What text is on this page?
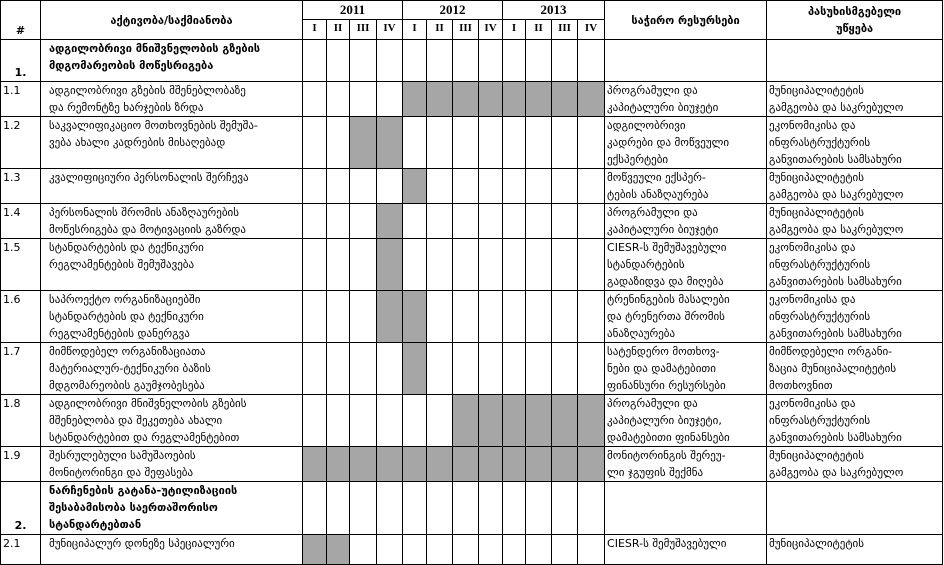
#	აქტივობა/საქმიანობა	2011				2012				2013				საჭირო რესურსები	პასუხისმგებელი
უწყება
		I	II	III	IV	I	II	III	IV	I	II	III	IV		
1.	ადგილობრივი მნიშვნელობის გზების
მდგომარეობის მოწესრიგება														
1.1	ადგილობრივი გზების მშენებლობაზე
და რემონტზე ხარჯების ზრდა													პროგრამული და
კაპიტალური ბიუჯეტი	მუნიციპალიტეტის
გამგეობა და საკრებულო
1.2	საკვალიფიკაციო მოთხოვნების შემუშა-
ვება ახალი კადრების მისაღებად													ადგილობრივი
კადრები და მოწვეული
ექსპერტები	ეკონომიკისა და
ინფრასტრუქტურის
განვითარების სამსახური
1.3	კვალიფიციური პერსონალის შერჩევა													მოწვეული ექსპერ-
ტების ანაზღაურება	მუნიციპალიტეტის
გამგეობა და საკრებულო
1.4	პერსონალის შრომის ანაზღაურების
მოწესრიგება და მოტივაციის გაზრდა													პროგრამული და
კაპიტალური ბიუჯეტი	მუნიციპალიტეტის
გამგეობა და საკრებულო
1.5	სტანდარტების და ტექნიკური
რეგლამენტების შემუშავება													CIESR-ს შემუშავებული
სტანდარტების
გადაზიდვა და მიღება	ეკონომიკისა და
ინფრასტრუქტურის
განვითარების სამსახური
1.6	საპროექტო ორგანიზაციებში
სტანდარტების და ტექნიკური
რეგლამენტების დანერგვა													ტრენინგების მასალები
და ტრენერთა შრომის
ანაზღაურება	ეკონომიკისა და
ინფრასტრუქტურის
განვითარების სამსახური
1.7	მიმწოდებელ ორგანიზაციათა
მატერიალურ-ტექნიკური ბაზის
მდგომარეობის გაუმჯობესება													სატენდერო მოთხოვ-
ნები და დამატებითი
ფინანსური რესურსები	მიმწოდებელი ორგანი-
ზაცია მუნიციპალიტეტის
მოთხოვნით
1.8	ადგილობრივი მნიშვნელობის გზების
მშენებლობა და შეკეთება ახალი
სტანდარტებით და რეგლამენტებით													პროგრამული და
კაპიტალური ბიუჯეტი,
დამატებითი ფინანსები	ეკონომიკისა და
ინფრასტრუქტურის
განვითარების სამსახური
1.9	შესრულებული სამუშაოების
მონიტორინგი და შეფასება													მონიტორინგის შერეუ-
ლი ჯგუფის შექმნა	მუნიციპალიტეტის
გამგეობა და საკრებულო
2.	ნარჩენების გატანა-უტილიზაციის
შესაბამისობა საერთაშორისო
სტანდარტებთან														
2.1	მუნიციპალურ დონეზე სპეციალური													CIESR-ს შემუშავებული	მუნიციპალიტეტის
